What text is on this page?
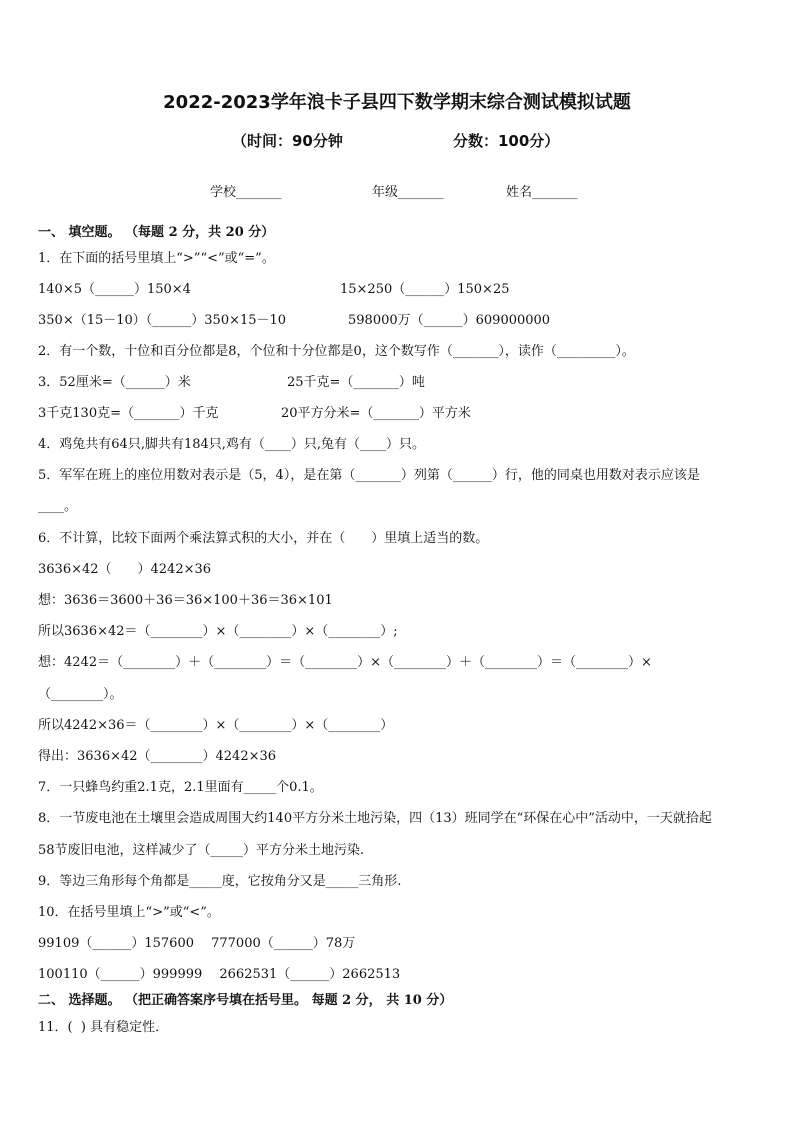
2022-2023学年浪卡子县四下数学期末综合测试模拟试题
（时间：90分钟	分数：100分）
学校_______	年级_______	姓名_______
一、 填空题。 （每题 2 分，共 20 分）
1．在下面的括号里填上“>”“<”或“=”。
140×5（______）150×4	15×250（______）150×25
350×（15－10）（______）350×15－10	598000万（______）609000000
2．有一个数，十位和百分位都是8，个位和十分位都是0，这个数写作（_______），读作（_________）。
3．52厘米=（______）米	25千克=（_______）吨
3千克130克=（_______）千克	20平方分米=（_______）平方米
4．鸡兔共有64只,脚共有184只,鸡有（____）只,兔有（____）只。
5．军军在班上的座位用数对表示是（5，4），是在第（_______）列第（______）行，他的同桌也用数对表示应该是
____。
6．不计算，比较下面两个乘法算式积的大小，并在（　　）里填上适当的数。
3636×42（　　）4242×36
想：3636＝3600＋36＝36×100＋36＝36×101
所以3636×42＝（________）×（________）×（________）;
想：4242＝（________）＋（________）＝（________）×（________）＋（________）＝（________）×
（________）。
所以4242×36＝（________）×（________）×（________）
得出：3636×42（________）4242×36
7．一只蜂鸟约重2.1克，2.1里面有_____个0.1。
8．一节废电池在土壤里会造成周围大约140平方分米土地污染，四（13）班同学在“环保在心中”活动中，一天就拾起
58节废旧电池，这样减少了（_____）平方分米土地污染.
9．等边三角形每个角都是_____度，它按角分又是_____三角形.
10．在括号里填上“>”或“<”。
99109（______）157600　 777000（______）78万
100110（______）999999　 2662531（______）2662513
二、 选择题。 （把正确答案序号填在括号里。 每题 2 分， 共 10 分）
11．(  ) 具有稳定性．
